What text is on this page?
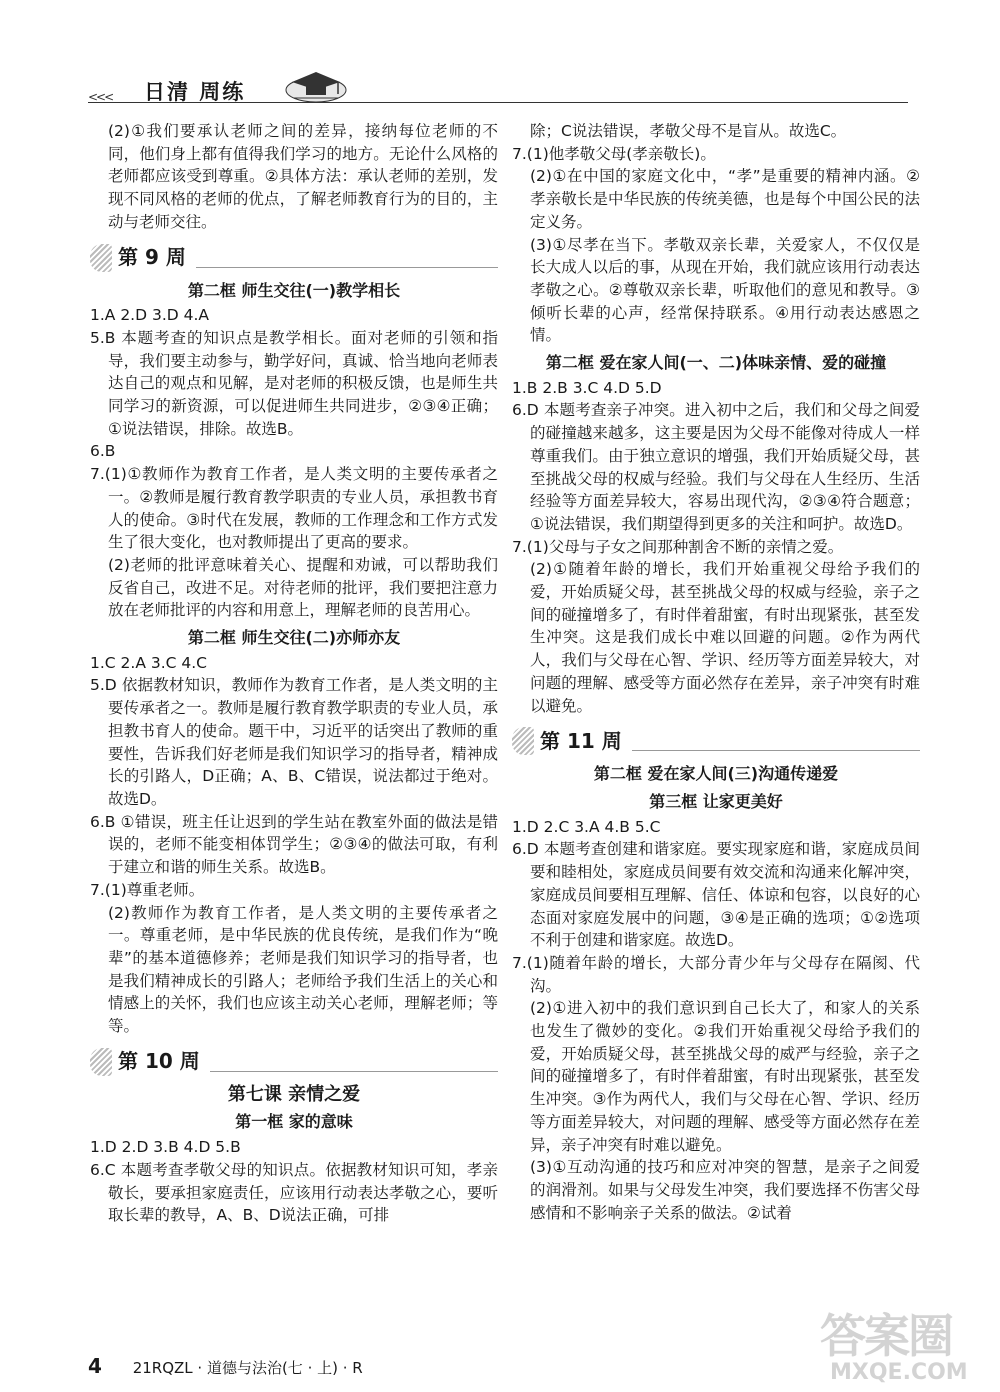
<<< 日清 周练

(2)①我们要承认老师之间的差异，接纳每位老师的不同，他们身上都有值得我们学习的地方。无论什么风格的老师都应该受到尊重。②具体方法：承认老师的差别，发现不同风格的老师的优点，了解老师教育行为的目的，主动与老师交往。

第 9 周
第二框 师生交往(一)教学相长

1.A 2.D 3.D 4.A

5.B 本题考查的知识点是教学相长。面对老师的引领和指导，我们要主动参与，勤学好问，真诚、恰当地向老师表达自己的观点和见解，是对老师的积极反馈，也是师生共同学习的新资源，可以促进师生共同进步，②③④正确；①说法错误，排除。故选B。

6.B

7.(1)①教师作为教育工作者，是人类文明的主要传承者之一。②教师是履行教育教学职责的专业人员，承担教书育人的使命。③时代在发展，教师的工作理念和工作方式发生了很大变化，也对教师提出了更高的要求。

(2)老师的批评意味着关心、提醒和劝诫，可以帮助我们反省自己，改进不足。对待老师的批评，我们要把注意力放在老师批评的内容和用意上，理解老师的良苦用心。

第二框 师生交往(二)亦师亦友

1.C 2.A 3.C 4.C

5.D 依据教材知识，教师作为教育工作者，是人类文明的主要传承者之一。教师是履行教育教学职责的专业人员，承担教书育人的使命。题干中，习近平的话突出了教师的重要性，告诉我们好老师是我们知识学习的指导者，精神成长的引路人，D正确；A、B、C错误，说法都过于绝对。故选D。

6.B ①错误，班主任让迟到的学生站在教室外面的做法是错误的，老师不能变相体罚学生；②③④的做法可取，有利于建立和谐的师生关系。故选B。

7.(1)尊重老师。

(2)教师作为教育工作者，是人类文明的主要传承者之一。尊重老师，是中华民族的优良传统，是我们作为“晚辈”的基本道德修养；老师是我们知识学习的指导者，也是我们精神成长的引路人；老师给予我们生活上的关心和情感上的关怀，我们也应该主动关心老师，理解老师；等等。

第 10 周
第七课 亲情之爱
第一框 家的意味

1.D 2.D 3.B 4.D 5.B

6.C 本题考查孝敬父母的知识点。依据教材知识可知，孝亲敬长，要承担家庭责任，应该用行动表达孝敬之心，要听取长辈的教导，A、B、D说法正确，可排

除；C说法错误，孝敬父母不是盲从。故选C。

7.(1)他孝敬父母(孝亲敬长)。

(2)①在中国的家庭文化中，“孝”是重要的精神内涵。②孝亲敬长是中华民族的传统美德，也是每个中国公民的法定义务。

(3)①尽孝在当下。孝敬双亲长辈，关爱家人，不仅仅是长大成人以后的事，从现在开始，我们就应该用行动表达孝敬之心。②尊敬双亲长辈，听取他们的意见和教导。③倾听长辈的心声，经常保持联系。④用行动表达感恩之情。

第二框 爱在家人间(一、二)体味亲情、爱的碰撞

1.B 2.B 3.C 4.D 5.D

6.D 本题考查亲子冲突。进入初中之后，我们和父母之间爱的碰撞越来越多，这主要是因为父母不能像对待成人一样尊重我们。由于独立意识的增强，我们开始质疑父母，甚至挑战父母的权威与经验。我们与父母在人生经历、生活经验等方面差异较大，容易出现代沟，②③④符合题意；①说法错误，我们期望得到更多的关注和呵护。故选D。

7.(1)父母与子女之间那种割舍不断的亲情之爱。

(2)①随着年龄的增长，我们开始重视父母给予我们的爱，开始质疑父母，甚至挑战父母的权威与经验，亲子之间的碰撞增多了，有时伴着甜蜜，有时出现紧张，甚至发生冲突。这是我们成长中难以回避的问题。②作为两代人，我们与父母在心智、学识、经历等方面差异较大，对问题的理解、感受等方面必然存在差异，亲子冲突有时难以避免。

第 11 周
第二框 爱在家人间(三)沟通传递爱
第三框 让家更美好

1.D 2.C 3.A 4.B 5.C

6.D 本题考查创建和谐家庭。要实现家庭和谐，家庭成员间要和睦相处，家庭成员间要有效交流和沟通来化解冲突，家庭成员间要相互理解、信任、体谅和包容，以良好的心态面对家庭发展中的问题，③④是正确的选项；①②选项不利于创建和谐家庭。故选D。

7.(1)随着年龄的增长，大部分青少年与父母存在隔阂、代沟。

(2)①进入初中的我们意识到自己长大了，和家人的关系也发生了微妙的变化。②我们开始重视父母给予我们的爱，开始质疑父母，甚至挑战父母的威严与经验，亲子之间的碰撞增多了，有时伴着甜蜜，有时出现紧张，甚至发生冲突。③作为两代人，我们与父母在心智、学识、经历等方面差异较大，对问题的理解、感受等方面必然存在差异，亲子冲突有时难以避免。

(3)①互动沟通的技巧和应对冲突的智慧，是亲子之间爱的润滑剂。如果与父母发生冲突，我们要选择不伤害父母感情和不影响亲子关系的做法。②试着

4 21RQZL · 道德与法治(七 · 上) · R
答案圈
MXQE.COM
